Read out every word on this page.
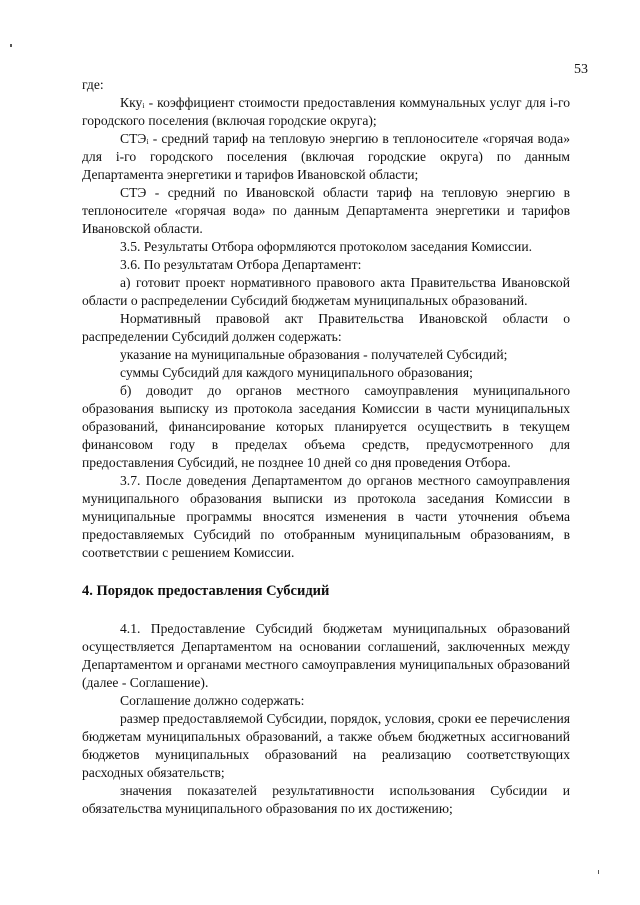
53

где:

Ккуᵢ - коэффициент стоимости предоставления коммунальных услуг для i-го городского поселения (включая городские округа);

СТЭᵢ - средний тариф на тепловую энергию в теплоносителе «горячая вода» для i-го городского поселения (включая городские округа) по данным Департамента энергетики и тарифов Ивановской области;

СТЭ - средний по Ивановской области тариф на тепловую энергию в теплоносителе «горячая вода» по данным Департамента энергетики и тарифов Ивановской области.

3.5. Результаты Отбора оформляются протоколом заседания Комиссии.

3.6. По результатам Отбора Департамент:

а) готовит проект нормативного правового акта Правительства Ивановской области о распределении Субсидий бюджетам муниципальных образований.

Нормативный правовой акт Правительства Ивановской области о распределении Субсидий должен содержать:

указание на муниципальные образования - получателей Субсидий;

суммы Субсидий для каждого муниципального образования;

б) доводит до органов местного самоуправления муниципального образования выписку из протокола заседания Комиссии в части муниципальных образований, финансирование которых планируется осуществить в текущем финансовом году в пределах объема средств, предусмотренного для предоставления Субсидий, не позднее 10 дней со дня проведения Отбора.

3.7. После доведения Департаментом до органов местного самоуправления муниципального образования выписки из протокола заседания Комиссии в муниципальные программы вносятся изменения в части уточнения объема предоставляемых Субсидий по отобранным муниципальным образованиям, в соответствии с решением Комиссии.

4. Порядок предоставления Субсидий

4.1. Предоставление Субсидий бюджетам муниципальных образований осуществляется Департаментом на основании соглашений, заключенных между Департаментом и органами местного самоуправления муниципальных образований (далее - Соглашение).

Соглашение должно содержать:

размер предоставляемой Субсидии, порядок, условия, сроки ее перечисления бюджетам муниципальных образований, а также объем бюджетных ассигнований бюджетов муниципальных образований на реализацию соответствующих расходных обязательств;

значения показателей результативности использования Субсидии и обязательства муниципального образования по их достижению;
